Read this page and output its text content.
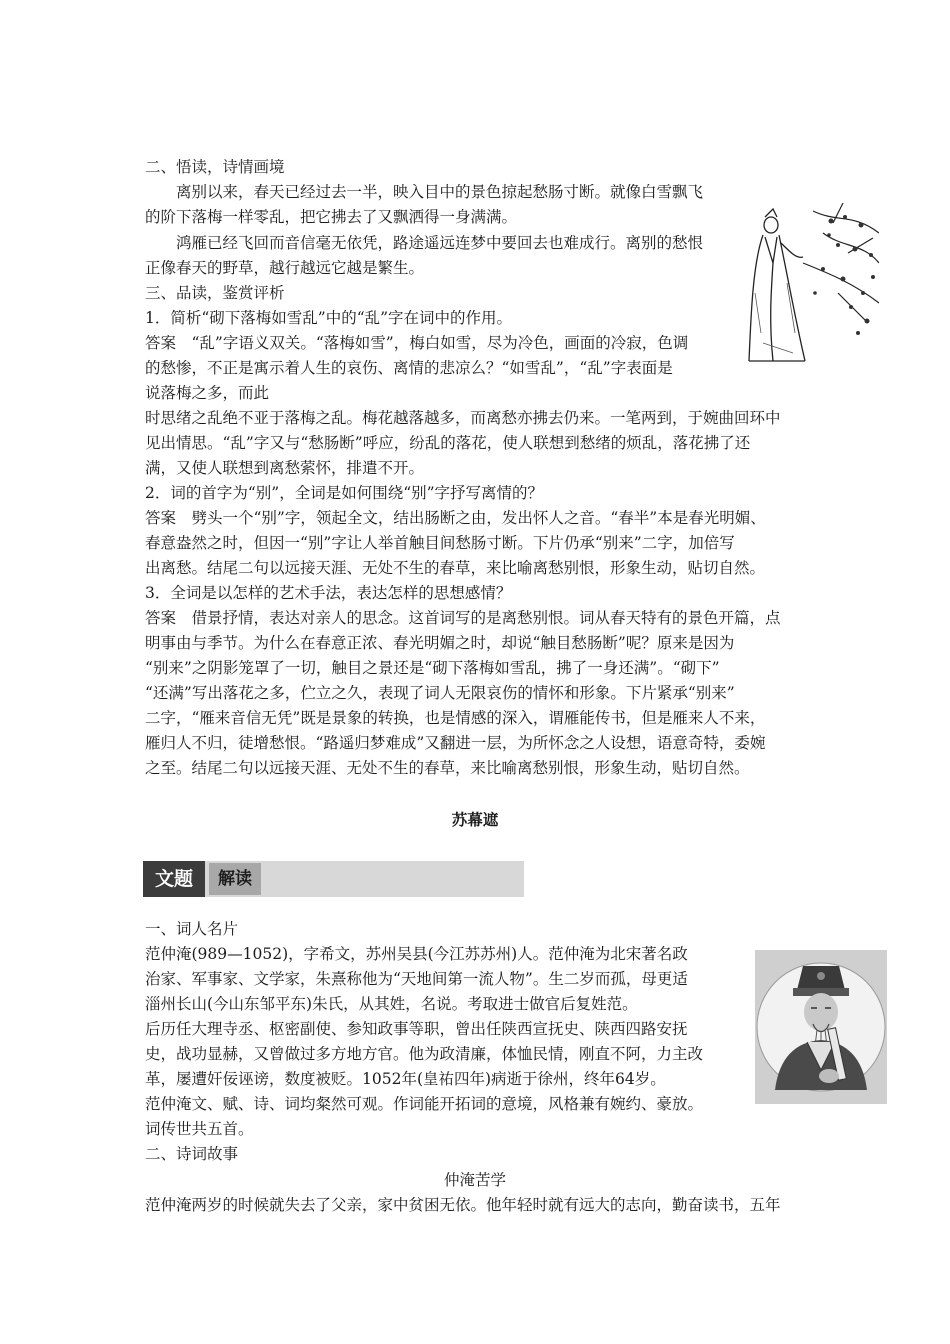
二、悟读，诗情画境
离别以来，春天已经过去一半，映入目中的景色掠起愁肠寸断。就像白雪飘飞
的阶下落梅一样零乱，把它拂去了又飘洒得一身满满。
鸿雁已经飞回而音信毫无依凭，路途遥远连梦中要回去也难成行。离别的愁恨
正像春天的野草，越行越远它越是繁生。
三、品读，鉴赏评析
1．简析“砌下落梅如雪乱”中的“乱”字在词中的作用。
答案　“乱”字语义双关。“落梅如雪”，梅白如雪，尽为冷色，画面的冷寂，色调
的愁惨，不正是寓示着人生的哀伤、离情的悲凉么？“如雪乱”，“乱”字表面是
说落梅之多，而此
时思绪之乱绝不亚于落梅之乱。梅花越落越多，而离愁亦拂去仍来。一笔两到，于婉曲回环中
见出情思。“乱”字又与“愁肠断”呼应，纷乱的落花，使人联想到愁绪的烦乱，落花拂了还
满，又使人联想到离愁萦怀，排遣不开。
2．词的首字为“别”，全词是如何围绕“别”字抒写离情的？
答案　劈头一个“别”字，领起全文，结出肠断之由，发出怀人之音。“春半”本是春光明媚、
春意盎然之时，但因一“别”字让人举首触目间愁肠寸断。下片仍承“别来”二字，加倍写
出离愁。结尾二句以远接天涯、无处不生的春草，来比喻离愁别恨，形象生动，贴切自然。
3．全词是以怎样的艺术手法，表达怎样的思想感情？
答案　借景抒情，表达对亲人的思念。这首词写的是离愁别恨。词从春天特有的景色开篇，点
明事由与季节。为什么在春意正浓、春光明媚之时，却说“触目愁肠断”呢？原来是因为
“别来”之阴影笼罩了一切，触目之景还是“砌下落梅如雪乱，拂了一身还满”。“砌下”
“还满”写出落花之多，伫立之久，表现了词人无限哀伤的情怀和形象。下片紧承“别来”
二字，“雁来音信无凭”既是景象的转换，也是情感的深入，谓雁能传书，但是雁来人不来，
雁归人不归，徒增愁恨。“路遥归梦难成”又翻进一层，为所怀念之人设想，语意奇特，委婉
之至。结尾二句以远接天涯、无处不生的春草，来比喻离愁别恨，形象生动，贴切自然。
苏幕遮
文题	解读
一、词人名片
范仲淹(989—1052)，字希文，苏州吴县(今江苏苏州)人。范仲淹为北宋著名政
治家、军事家、文学家，朱熹称他为“天地间第一流人物”。生二岁而孤，母更适
淄州长山(今山东邹平东)朱氏，从其姓，名说。考取进士做官后复姓范。
后历任大理寺丞、枢密副使、参知政事等职，曾出任陕西宣抚史、陕西四路安抚
史，战功显赫，又曾做过多方地方官。他为政清廉，体恤民情，刚直不阿，力主改
革，屡遭奸佞诬谤，数度被贬。1052年(皇祐四年)病逝于徐州，终年64岁。
范仲淹文、赋、诗、词均粲然可观。作词能开拓词的意境，风格兼有婉约、豪放。
词传世共五首。
二、诗词故事
仲淹苦学
范仲淹两岁的时候就失去了父亲，家中贫困无依。他年轻时就有远大的志向，勤奋读书，五年
